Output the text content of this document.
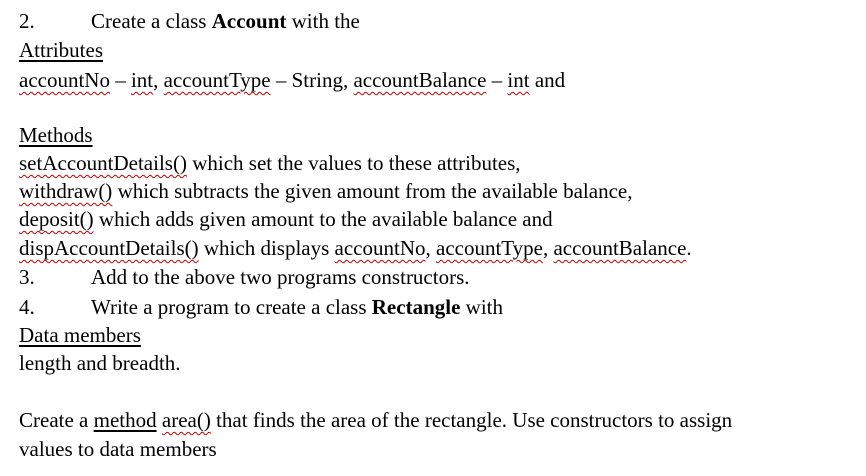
2.	Create a class Account with the
Attributes
accountNo – int, accountType – String, accountBalance – int and
Methods
setAccountDetails() which set the values to these attributes,
withdraw() which subtracts the given amount from the available balance,
deposit() which adds given amount to the available balance and
dispAccountDetails() which displays accountNo, accountType, accountBalance.
3.	Add to the above two programs constructors.
4.	Write a program to create a class Rectangle with
Data members
length and breadth.
Create a method area() that finds the area of the rectangle. Use constructors to assign
values to data members
